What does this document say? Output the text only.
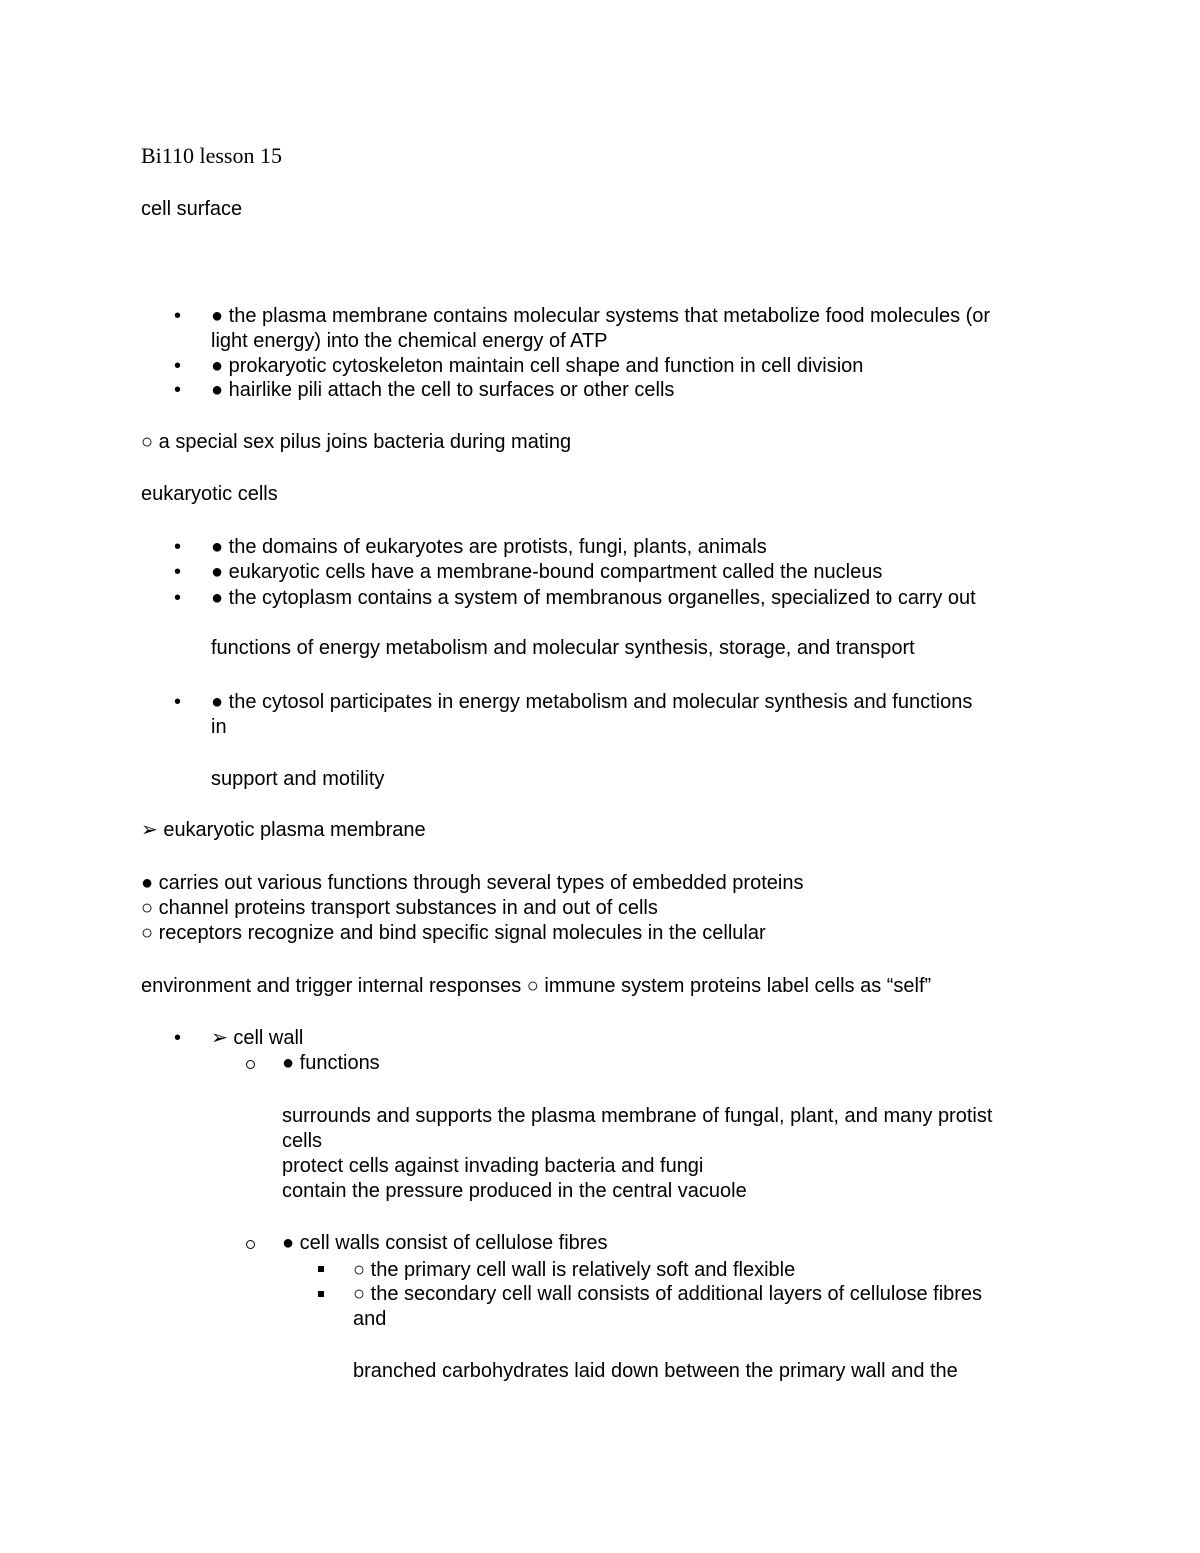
Bi110 lesson 15
cell surface
• ● the plasma membrane contains molecular systems that metabolize food molecules (or
light energy) into the chemical energy of ATP
• ● prokaryotic cytoskeleton maintain cell shape and function in cell division
• ● hairlike pili attach the cell to surfaces or other cells
○ a special sex pilus joins bacteria during mating
eukaryotic cells
• ● the domains of eukaryotes are protists, fungi, plants, animals
• ● eukaryotic cells have a membrane-bound compartment called the nucleus
• ● the cytoplasm contains a system of membranous organelles, specialized to carry out
functions of energy metabolism and molecular synthesis, storage, and transport
• ● the cytosol participates in energy metabolism and molecular synthesis and functions
in
support and motility
➢ eukaryotic plasma membrane
● carries out various functions through several types of embedded proteins
○ channel proteins transport substances in and out of cells
○ receptors recognize and bind specific signal molecules in the cellular
environment and trigger internal responses ○ immune system proteins label cells as “self”
• ➢ cell wall
● functions
surrounds and supports the plasma membrane of fungal, plant, and many protist
cells
protect cells against invading bacteria and fungi
contain the pressure produced in the central vacuole
● cell walls consist of cellulose fibres
○ the primary cell wall is relatively soft and flexible
○ the secondary cell wall consists of additional layers of cellulose fibres
and
branched carbohydrates laid down between the primary wall and the
